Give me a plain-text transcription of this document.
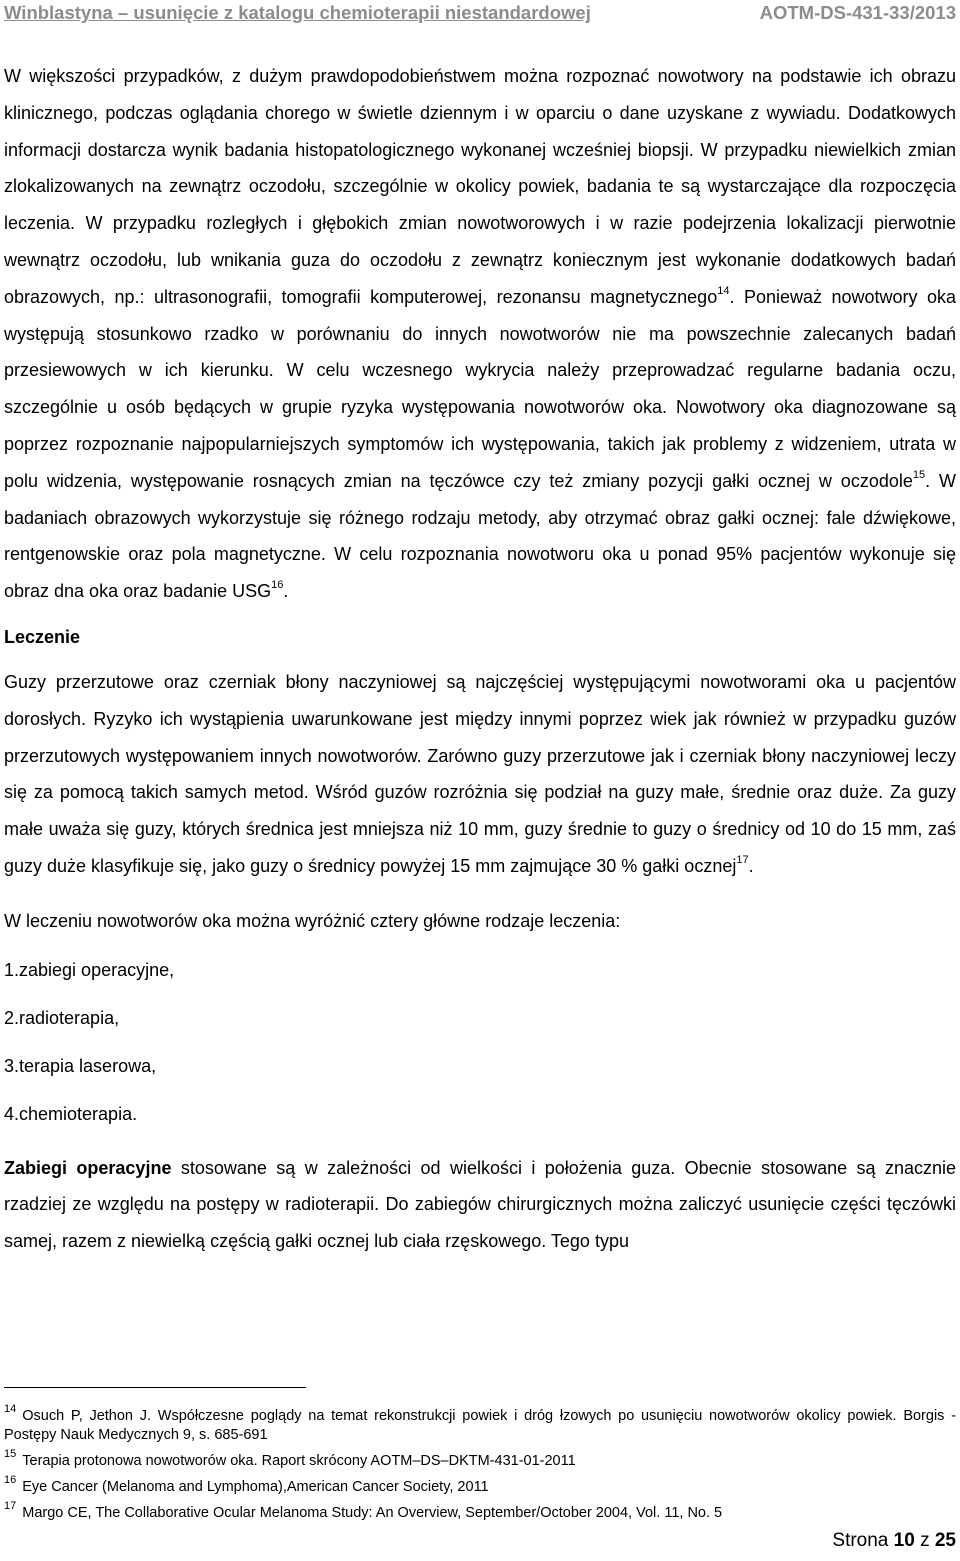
Winblastyna – usunięcie z katalogu chemioterapii niestandardowej	AOTM-DS-431-33/2013

W większości przypadków, z dużym prawdopodobieństwem można rozpoznać nowotwory na podstawie ich obrazu klinicznego, podczas oglądania chorego w świetle dziennym i w oparciu o dane uzyskane z wywiadu. Dodatkowych informacji dostarcza wynik badania histopatologicznego wykonanej wcześniej biopsji. W przypadku niewielkich zmian zlokalizowanych na zewnątrz oczodołu, szczególnie w okolicy powiek, badania te są wystarczające dla rozpoczęcia leczenia. W przypadku rozległych i głębokich zmian nowotworowych i w razie podejrzenia lokalizacji pierwotnie wewnątrz oczodołu, lub wnikania guza do oczodołu z zewnątrz koniecznym jest wykonanie dodatkowych badań obrazowych, np.: ultrasonografii, tomografii komputerowej, rezonansu magnetycznego$^{14}$. Ponieważ nowotwory oka występują stosunkowo rzadko w porównaniu do innych nowotworów nie ma powszechnie zalecanych badań przesiewowych w ich kierunku. W celu wczesnego wykrycia należy przeprowadzać regularne badania oczu, szczególnie u osób będących w grupie ryzyka występowania nowotworów oka. Nowotwory oka diagnozowane są poprzez rozpoznanie najpopularniejszych symptomów ich występowania, takich jak problemy z widzeniem, utrata w polu widzenia, występowanie rosnących zmian na tęczówce czy też zmiany pozycji gałki ocznej w oczodole$^{15}$. W badaniach obrazowych wykorzystuje się różnego rodzaju metody, aby otrzymać obraz gałki ocznej: fale dźwiękowe, rentgenowskie oraz pola magnetyczne. W celu rozpoznania nowotworu oka u ponad 95% pacjentów wykonuje się obraz dna oka oraz badanie USG$^{16}$.

Leczenie

Guzy przerzutowe oraz czerniak błony naczyniowej są najczęściej występującymi nowotworami oka u pacjentów dorosłych. Ryzyko ich wystąpienia uwarunkowane jest między innymi poprzez wiek jak również w przypadku guzów przerzutowych występowaniem innych nowotworów. Zarówno guzy przerzutowe jak i czerniak błony naczyniowej leczy się za pomocą takich samych metod. Wśród guzów rozróżnia się podział na guzy małe, średnie oraz duże. Za guzy małe uważa się guzy, których średnica jest mniejsza niż 10 mm, guzy średnie to guzy o średnicy od 10 do 15 mm, zaś guzy duże klasyfikuje się, jako guzy o średnicy powyżej 15 mm zajmujące 30 % gałki ocznej$^{17}$.

W leczeniu nowotworów oka można wyróżnić cztery główne rodzaje leczenia:

1.zabiegi operacyjne,
2.radioterapia,
3.terapia laserowa,
4.chemioterapia.

Zabiegi operacyjne stosowane są w zależności od wielkości i położenia guza. Obecnie stosowane są znacznie rzadziej ze względu na postępy w radioterapii. Do zabiegów chirurgicznych można zaliczyć usunięcie części tęczówki samej, razem z niewielką częścią gałki ocznej lub ciała rzęskowego. Tego typu

$^{14}$ Osuch P, Jethon J. Współczesne poglądy na temat rekonstrukcji powiek i dróg łzowych po usunięciu nowotworów okolicy powiek. Borgis -Postępy Nauk Medycznych 9, s. 685-691

$^{15}$ Terapia protonowa nowotworów oka. Raport skrócony AOTM–DS–DKTM-431-01-2011

$^{16}$ Eye Cancer (Melanoma and Lymphoma),American Cancer Society, 2011

$^{17}$ Margo CE, The Collaborative Ocular Melanoma Study: An Overview, September/October 2004, Vol. 11, No. 5

Strona 10 z 25
